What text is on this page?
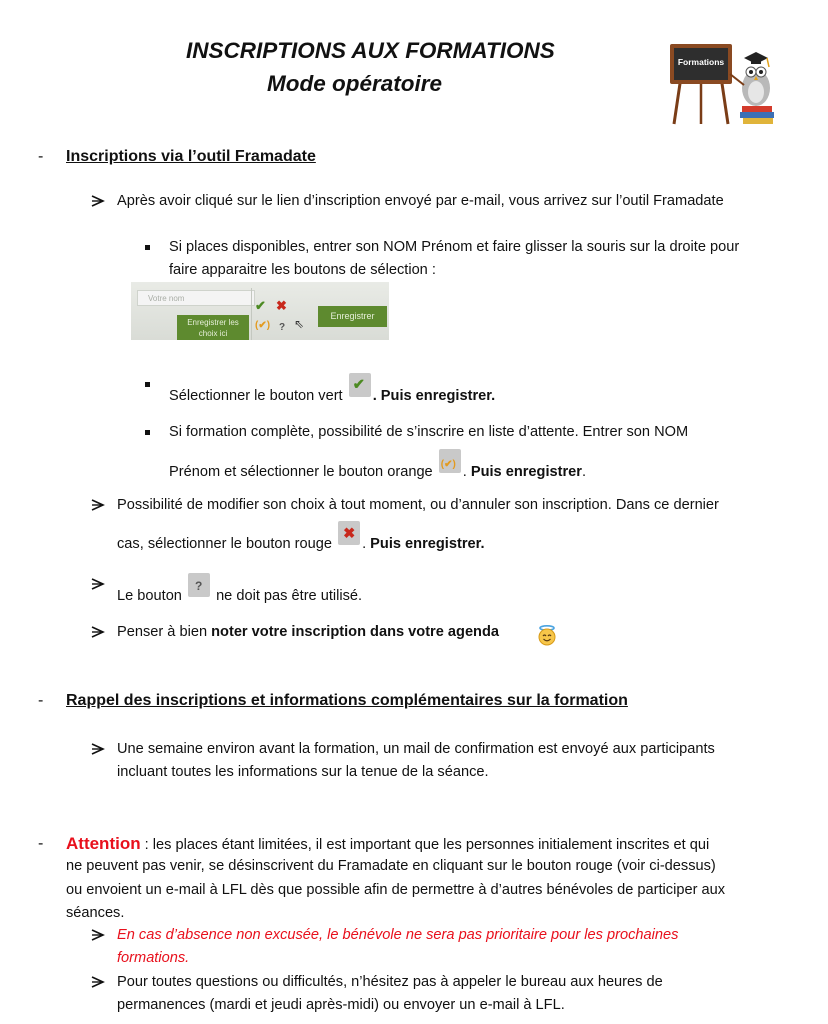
INSCRIPTIONS AUX FORMATIONS
Mode opératoire
Formations
- Inscriptions via l’outil Framadate
Après avoir cliqué sur le lien d’inscription envoyé par e-mail, vous arrivez sur l’outil Framadate
Si places disponibles, entrer son NOM Prénom et faire glisser la souris sur la droite pour
faire apparaitre les boutons de sélection :
Votre nom
Enregistrer les
choix ici
✔ ✖
(✔) ? ⇖
Enregistrer
Sélectionner le bouton vert
✔
. Puis enregistrer.
Si formation complète, possibilité de s’inscrire en liste d’attente. Entrer son NOM
Prénom et sélectionner le bouton orange (✔) . Puis enregistrer.
Possibilité de modifier son choix à tout moment, ou d’annuler son inscription. Dans ce dernier
cas, sélectionner le bouton rouge
✖
. Puis enregistrer.
Le bouton
?
ne doit pas être utilisé.
Penser à bien noter votre inscription dans votre agenda
- Rappel des inscriptions et informations complémentaires sur la formation
Une semaine environ avant la formation, un mail de confirmation est envoyé aux participants
incluant toutes les informations sur la tenue de la séance.
- Attention : les places étant limitées, il est important que les personnes initialement inscrites et qui
ne peuvent pas venir, se désinscrivent du Framadate en cliquant sur le bouton rouge (voir ci-dessus)
ou envoient un e-mail à LFL dès que possible afin de permettre à d’autres bénévoles de participer aux
séances.
En cas d’absence non excusée, le bénévole ne sera pas prioritaire pour les prochaines
formations.
Pour toutes questions ou difficultés, n’hésitez pas à appeler le bureau aux heures de
permanences (mardi et jeudi après-midi) ou envoyer un e-mail à LFL.
